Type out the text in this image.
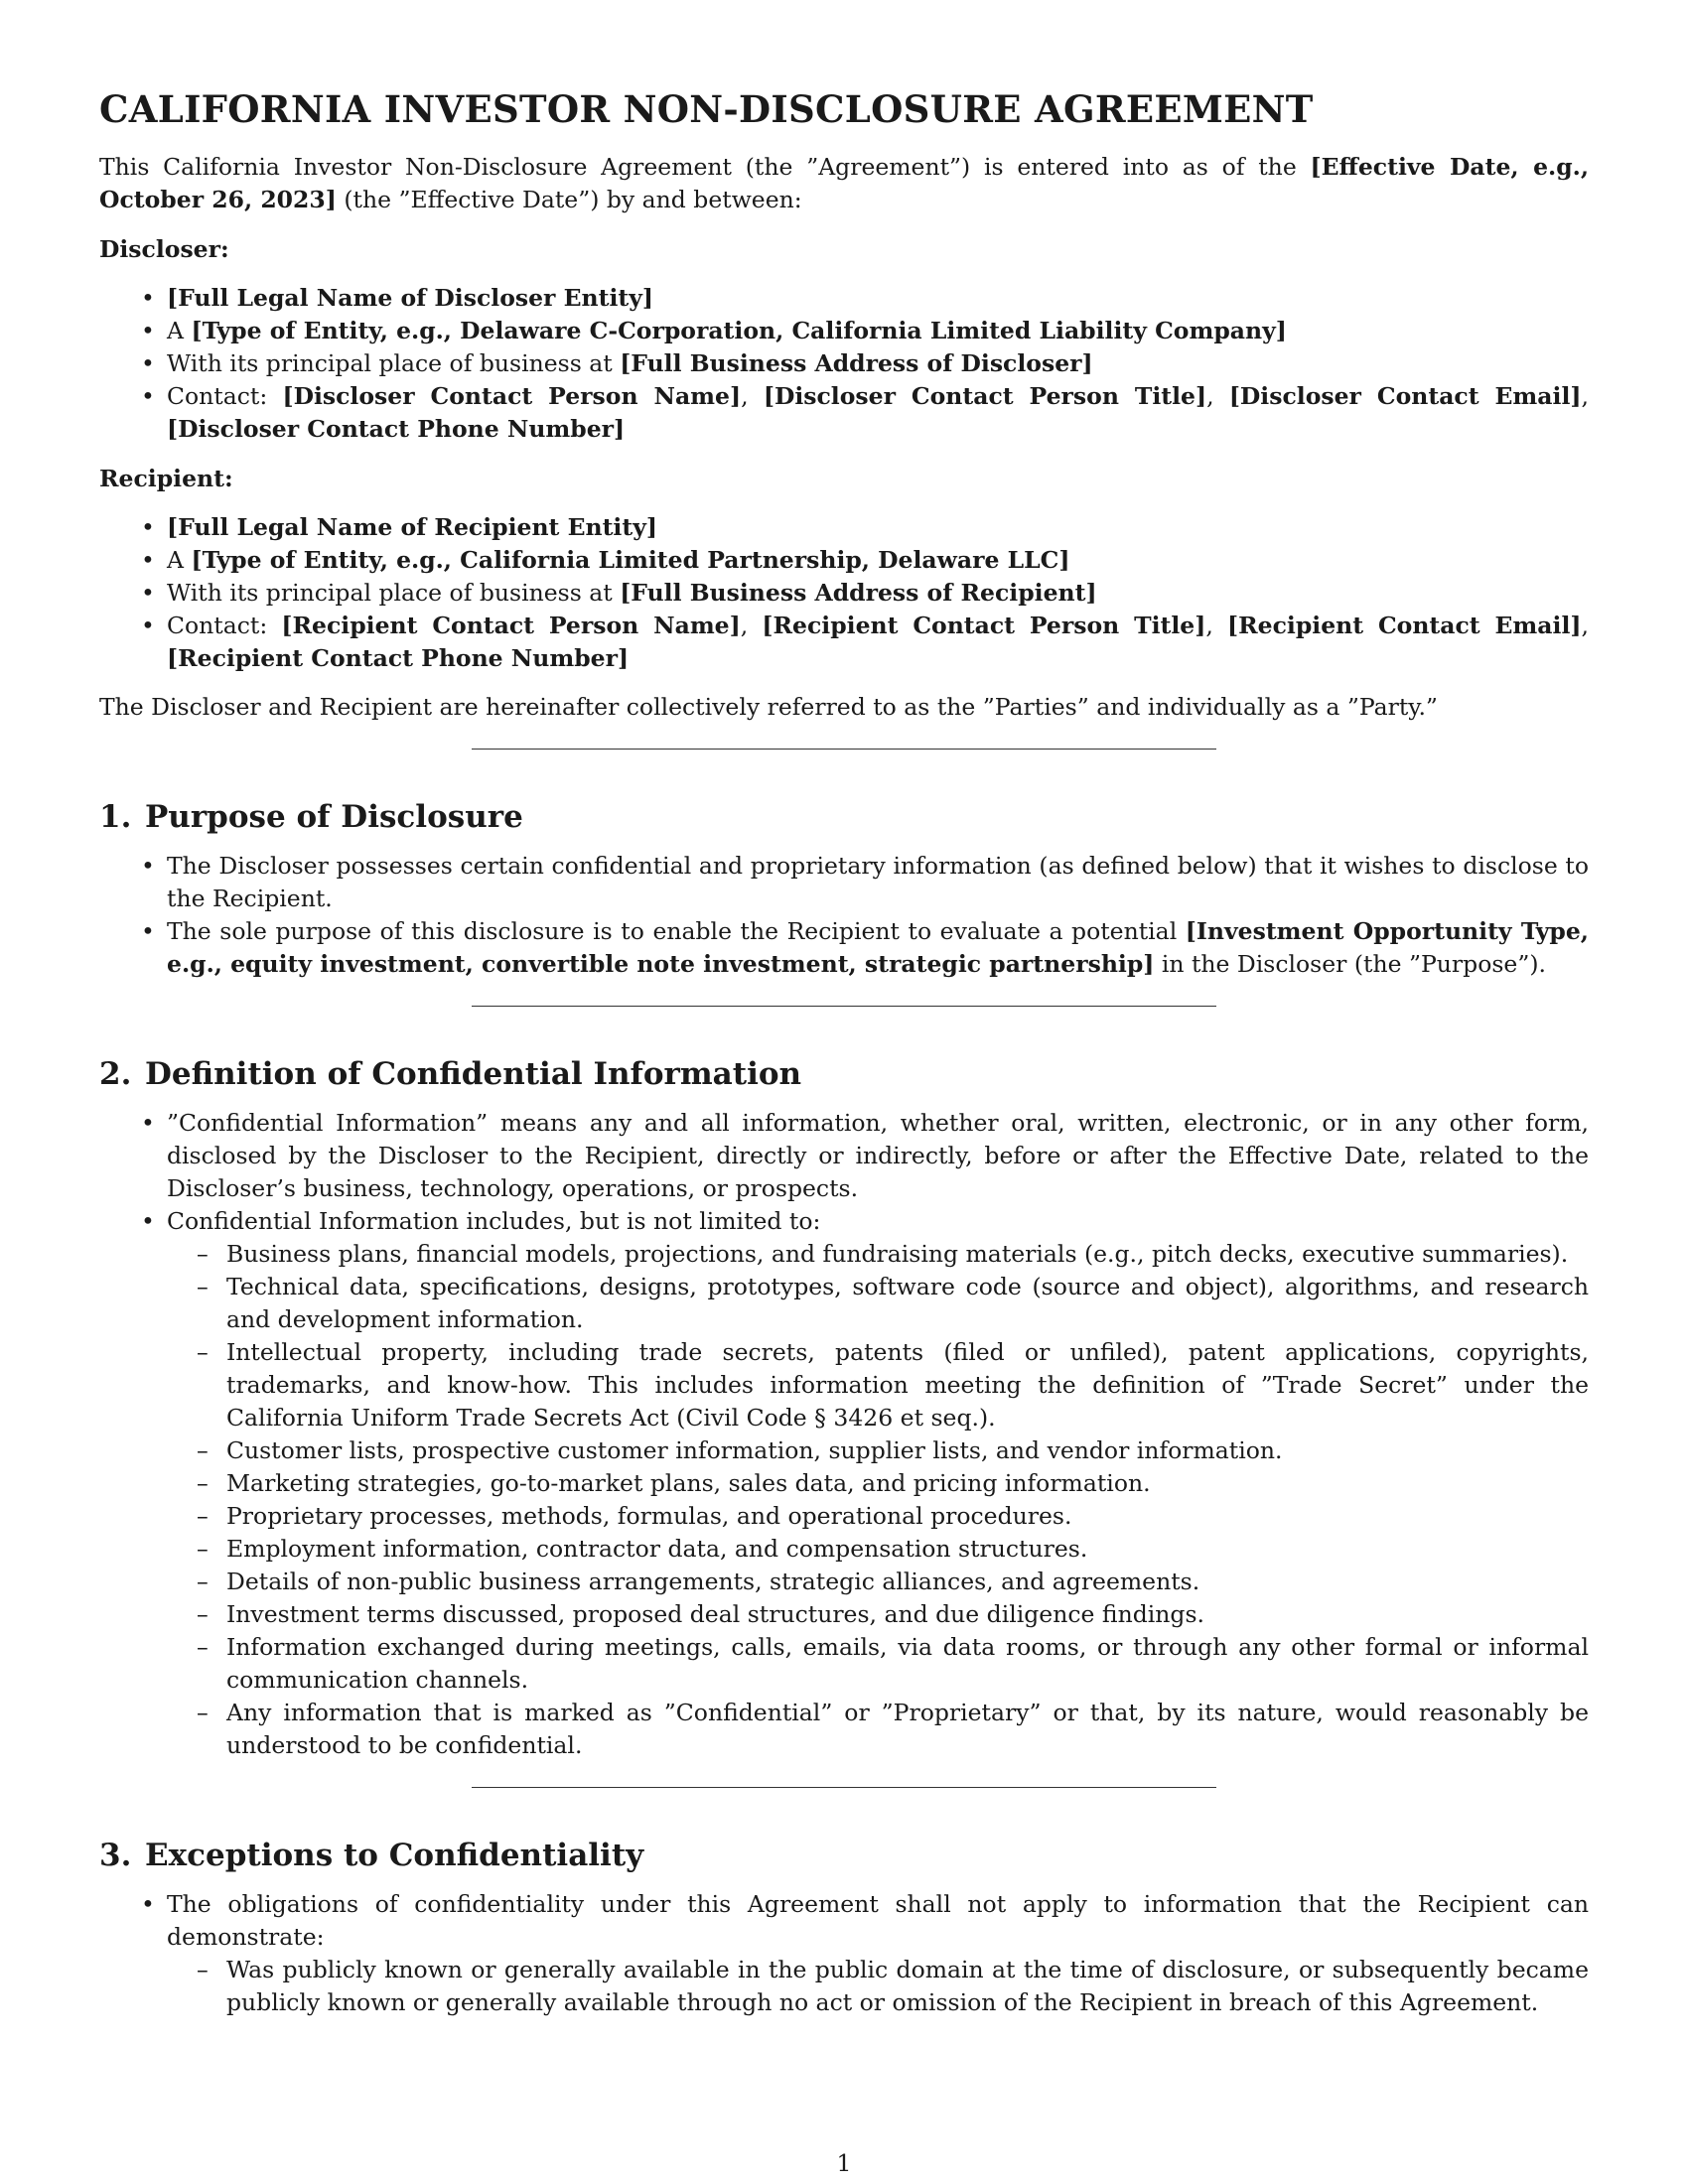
CALIFORNIA INVESTOR NON-DISCLOSURE AGREEMENT

This California Investor Non-Disclosure Agreement (the ”Agreement”) is entered into as of the [Effective Date, e.g., October 26, 2023] (the ”Effective Date”) by and between:

Discloser:
• [Full Legal Name of Discloser Entity]
• A [Type of Entity, e.g., Delaware C-Corporation, California Limited Liability Company]
• With its principal place of business at [Full Business Address of Discloser]
• Contact: [Discloser Contact Person Name], [Discloser Contact Person Title], [Discloser Contact Email], [Discloser Contact Phone Number]
Recipient:
• [Full Legal Name of Recipient Entity]
• A [Type of Entity, e.g., California Limited Partnership, Delaware LLC]
• With its principal place of business at [Full Business Address of Recipient]
• Contact: [Recipient Contact Person Name], [Recipient Contact Person Title], [Recipient Contact Email], [Recipient Contact Phone Number]

The Discloser and Recipient are hereinafter collectively referred to as the ”Parties” and individually as a ”Party.”

1. Purpose of Disclosure
• The Discloser possesses certain confidential and proprietary information (as defined below) that it wishes to disclose to the Recipient.
• The sole purpose of this disclosure is to enable the Recipient to evaluate a potential [Investment Opportunity Type, e.g., equity investment, convertible note investment, strategic partnership] in the Discloser (the ”Purpose”).
2. Definition of Confidential Information
• ”Confidential Information” means any and all information, whether oral, written, electronic, or in any other form, disclosed by the Discloser to the Recipient, directly or indirectly, before or after the Effective Date, related to the Discloser’s business, technology, operations, or prospects.
• Confidential Information includes, but is not limited to:
– Business plans, financial models, projections, and fundraising materials (e.g., pitch decks, executive summaries).
– Technical data, specifications, designs, prototypes, software code (source and object), algorithms, and research and development information.
– Intellectual property, including trade secrets, patents (filed or unfiled), patent applications, copyrights, trademarks, and know-how. This includes information meeting the definition of ”Trade Secret” under the California Uniform Trade Secrets Act (Civil Code § 3426 et seq.).
– Customer lists, prospective customer information, supplier lists, and vendor information.
– Marketing strategies, go-to-market plans, sales data, and pricing information.
– Proprietary processes, methods, formulas, and operational procedures.
– Employment information, contractor data, and compensation structures.
– Details of non-public business arrangements, strategic alliances, and agreements.
– Investment terms discussed, proposed deal structures, and due diligence findings.
– Information exchanged during meetings, calls, emails, via data rooms, or through any other formal or informal communication channels.
– Any information that is marked as ”Confidential” or ”Proprietary” or that, by its nature, would reasonably be understood to be confidential.
3. Exceptions to Confidentiality
• The obligations of confidentiality under this Agreement shall not apply to information that the Recipient can demonstrate:
– Was publicly known or generally available in the public domain at the time of disclosure, or subsequently became publicly known or generally available through no act or omission of the Recipient in breach of this Agreement.
1
